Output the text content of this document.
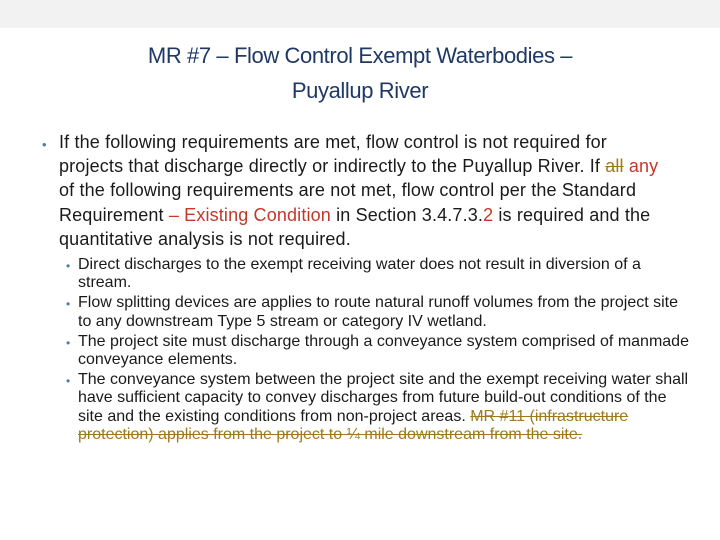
MR #7 – Flow Control Exempt Waterbodies –
Puyallup River
• If the following requirements are met, flow control is not required for projects that discharge directly or indirectly to the Puyallup River. If all any of the following requirements are not met, flow control per the Standard Requirement – Existing Condition in Section 3.4.7.3.2 is required and the quantitative analysis is not required.
• Direct discharges to the exempt receiving water does not result in diversion of a stream.
• Flow splitting devices are applies to route natural runoff volumes from the project site to any downstream Type 5 stream or category IV wetland.
• The project site must discharge through a conveyance system comprised of manmade conveyance elements.
• The conveyance system between the project site and the exempt receiving water shall have sufficient capacity to convey discharges from future build-out conditions of the site and the existing conditions from non-project areas. MR #11 (infrastructure protection) applies from the project to ¼ mile downstream from the site.
